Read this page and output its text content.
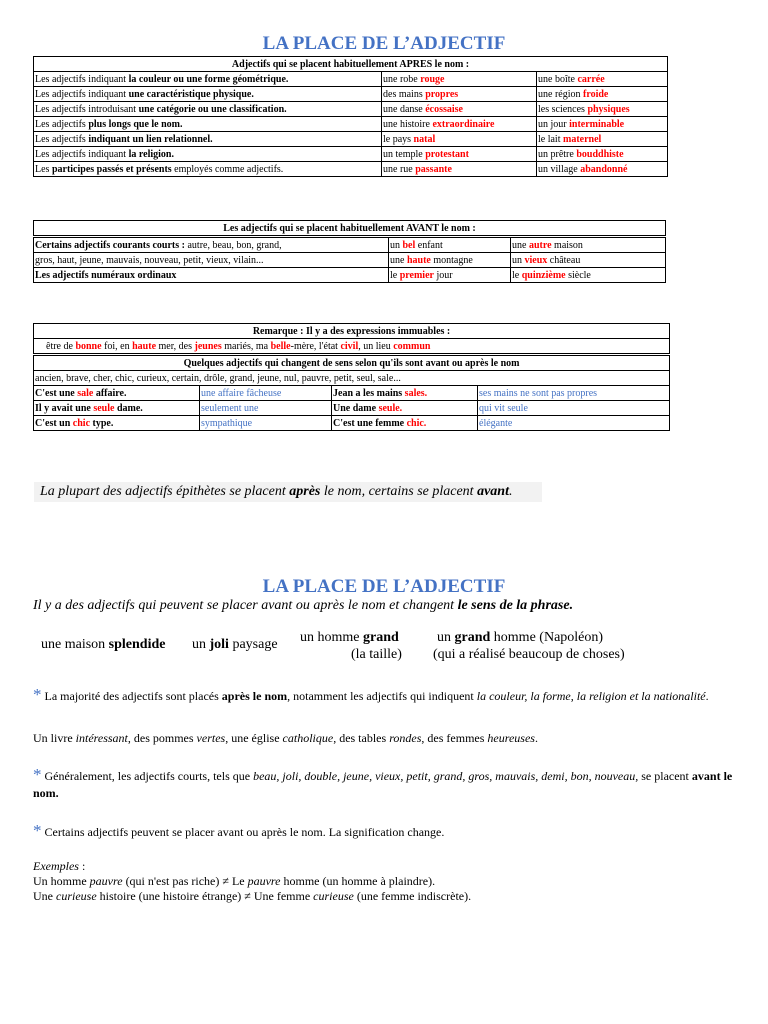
LA PLACE DE L’ADJECTIF
Adjectifs qui se placent habituellement APRES le nom :		
Les adjectifs indiquant la couleur ou une forme géométrique.	une robe rouge	une boîte carrée
Les adjectifs indiquant une caractéristique physique.	des mains propres	une région froide
Les adjectifs introduisant une catégorie ou une classification.	une danse écossaise	les sciences physiques
Les adjectifs plus longs que le nom.	une histoire extraordinaire	un jour interminable
Les adjectifs indiquant un lien relationnel.	le pays natal	le lait maternel
Les adjectifs indiquant la religion.	un temple protestant	un prêtre bouddhiste
Les participes passés et présents employés comme adjectifs.	une rue passante	un village abandonné
Les adjectifs qui se placent habituellement AVANT le nom :		
Certains adjectifs courants courts : autre, beau, bon, grand,	un bel enfant	une autre maison
gros, haut, jeune, mauvais, nouveau, petit, vieux, vilain...	une haute montagne	un vieux château
Les adjectifs numéraux ordinaux	le premier jour	le quinzième siècle
Remarque : Il y a des expressions immuables :			
être de bonne foi, en haute mer, des jeunes mariés, ma belle-mère, l'état civil, un lieu commun			
Quelques adjectifs qui changent de sens selon qu'ils sont avant ou après le nom			
ancien, brave, cher, chic, curieux, certain, drôle, grand, jeune, nul, pauvre, petit, seul, sale...			
C'est une sale affaire.	une affaire fâcheuse	Jean a les mains sales.	ses mains ne sont pas propres
Il y avait une seule dame.	seulement une	Une dame seule.	qui vit seule
C'est un chic type.	sympathique	C'est une femme chic.	élégante
La plupart des adjectifs épithètes se placent après le nom, certains se placent avant.
LA PLACE DE L’ADJECTIF
Il y a des adjectifs qui peuvent se placer avant ou après le nom et changent le sens de la phrase.
une maison splendide un joli paysage un homme grand
(la taille)
un grand homme (Napoléon)
(qui a réalisé beaucoup de choses)
* La majorité des adjectifs sont placés après le nom, notamment les adjectifs qui indiquent la couleur, la forme, la religion et la nationalité.
Un livre intéressant, des pommes vertes, une église catholique, des tables rondes, des femmes heureuses.
* Généralement, les adjectifs courts, tels que beau, joli, double, jeune, vieux, petit, grand, gros, mauvais, demi, bon, nouveau, se placent avant le nom.
* Certains adjectifs peuvent se placer avant ou après le nom. La signification change.
Exemples :
Un homme pauvre (qui n'est pas riche) ≠ Le pauvre homme (un homme à plaindre).
Une curieuse histoire (une histoire étrange) ≠ Une femme curieuse (une femme indiscrète).
